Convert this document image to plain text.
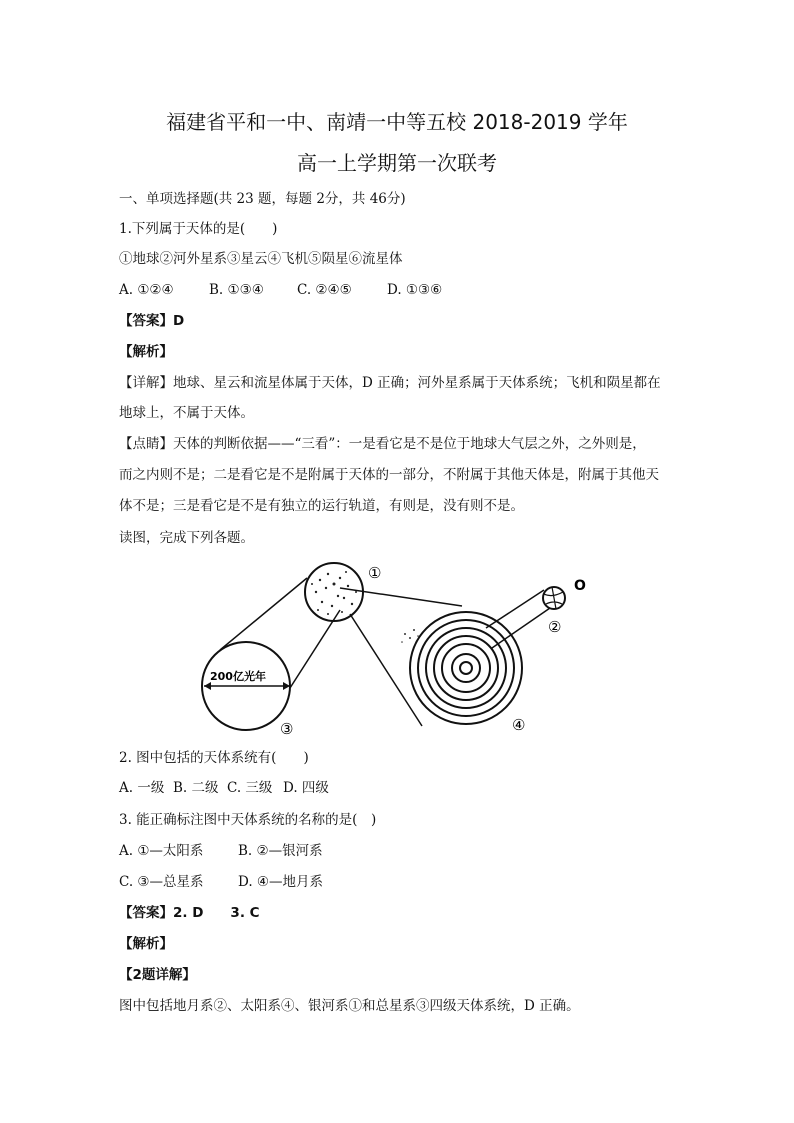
福建省平和一中、南靖一中等五校 2018-2019 学年
高一上学期第一次联考
一、单项选择题(共 23 题，每题 2分，共 46分)
1.下列属于天体的是(　　)
①地球②河外星系③星云④飞机⑤陨星⑥流星体
A. ①②④	B. ①③④ C. ②④⑤	D. ①③⑥
【答案】D
【解析】
【详解】地球、星云和流星体属于天体，D 正确；河外星系属于天体系统；飞机和陨星都在
地球上，不属于天体。
【点睛】天体的判断依据——“三看”：一是看它是不是位于地球大气层之外，之外则是，
而之内则不是；二是看它是不是附属于天体的一部分，不附属于其他天体是，附属于其他天
体不是；三是看它是不是有独立的运行轨道，有则是，没有则不是。
读图，完成下列各题。
200亿光年
③
①
④
O
②
2. 图中包括的天体系统有(　　)
A. 一级 B. 二级 C. 三级 D. 四级
3. 能正确标注图中天体系统的名称的是(　)
A. ①—太阳系	B. ②—银河系
C. ③—总星系	D. ④—地月系
【答案】2. D　　3. C
【解析】
【2题详解】
图中包括地月系②、太阳系④、银河系①和总星系③四级天体系统，D 正确。
